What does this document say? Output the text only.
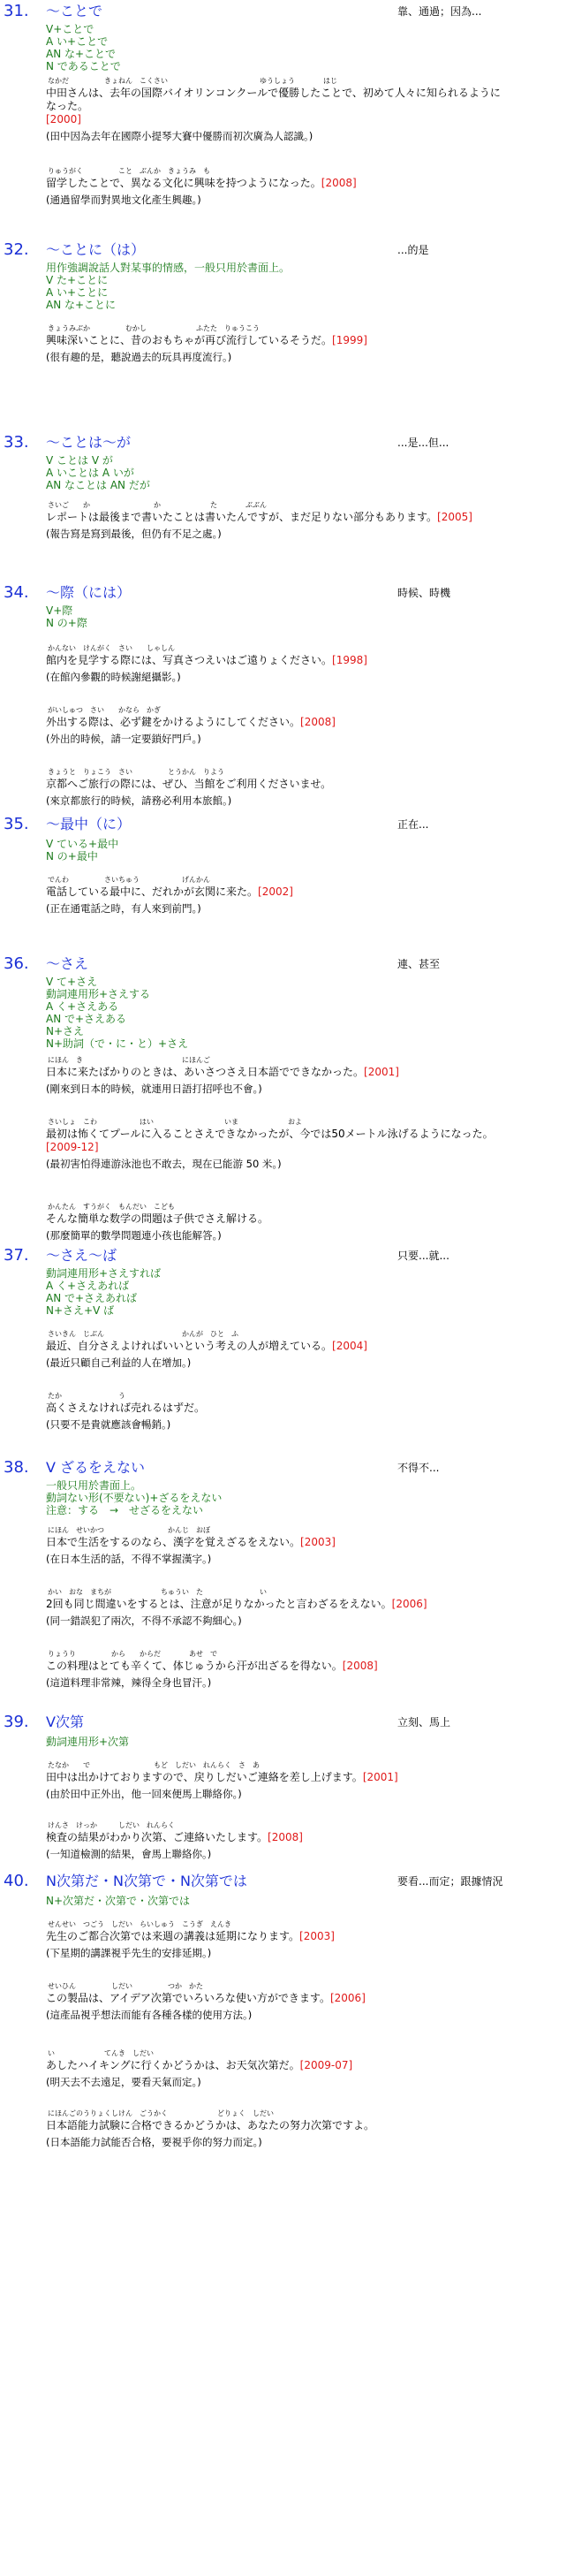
31. ～ことで	靠、通過；因為...
V+ことで
A い+ことで
AN な+ことで
N であることで
なかだ　　　　　きょねん　こくさい　　　　　　　　　　　　　ゆうしょう　　　　はじ
中田さんは、去年の国際バイオリンコンクールで優勝したことで、初めて人々に知られるようになった。
[2000]
(田中因為去年在國際小提琴大賽中優勝而初次廣為人認識。)
りゅうがく　　　　　こと　ぶんか　きょうみ　も
留学したことで、異なる文化に興味を持つようになった。[2008]
(通過留學而對異地文化產生興趣。)
32. ～ことに（は）	...的是
用作強調說話人對某事的情感，一般只用於書面上。
V た+ことに
A い+ことに
AN な+ことに
きょうみぶか　　　　　むかし　　　　　　　ふたた　りゅうこう
興味深いことに、昔のおもちゃが再び流行しているそうだ。[1999]
(很有趣的是，聽說過去的玩具再度流行。)
33. ～ことは～が	...是...但...
V ことは V が
A いことは A いが
AN なことは AN だが
さいご　　か　　　　　　　　　か　　　　　　　た　　　　ぶぶん
レポートは最後まで書いたことは書いたんですが、まだ足りない部分もあります。[2005]
(報告寫是寫到最後，但仍有不足之處。)
34. ～際（には）	時候、時機
V+際
N の+際
かんない　けんがく　さい　　しゃしん
館内を見学する際には、写真さつえいはご遠りょください。[1998]
(在館內參觀的時候謝絕攝影。)
がいしゅつ　さい　　かなら　かぎ
外出する際は、必ず鍵をかけるようにしてください。[2008]
(外出的時候，請一定要鎖好門戶。)
きょうと　りょこう　さい　　　　　とうかん　りよう
京都へご旅行の際には、ぜひ、当館をご利用くださいませ。
(來京都旅行的時候，請務必利用本旅館。)
35. ～最中（に）	正在...
V ている+最中
N の+最中
でんわ　　　　　さいちゅう　　　　　　げんかん
電話している最中に、だれかが玄関に来た。[2002]
(正在通電話之時，有人來到前門。)
36. ～さえ	連、甚至
V て+さえ
動詞連用形+さえする
A く+さえある
AN で+さえある
N+さえ
N+助詞（で・に・と）+さえ
にほん　き　　　　　　　　　　　　　　にほんご
日本に来たばかりのときは、あいさつさえ日本語でできなかった。[2001]
(剛來到日本的時候，就連用日語打招呼也不會。)
さいしょ　こわ　　　　　　はい　　　　　　　　　　いま　　　　　　　およ
最初は怖くてプールに入ることさえできなかったが、今では50メートル泳げるようになった。
[2009-12]
(最初害怕得連游泳池也不敢去，現在已能游 50 米。)
かんたん　すうがく　もんだい　こども
そんな簡単な数学の問題は子供でさえ解ける。
(那麼簡單的數學問題連小孩也能解答。)
37. ～さえ～ば	只要...就...
動詞連用形+さえすれば
A く+さえあれば
AN で+さえあれば
N+さえ+V ば
さいきん　じぶん　　　　　　　　　　　かんが　ひと　ふ
最近、自分さえよければいいという考えの人が増えている。[2004]
(最近只顧自己利益的人在增加。)
たか　　　　　　　　う
高くさえなければ売れるはずだ。
(只要不是貴就應該會暢銷。)
38. V ざるをえない	不得不...
一般只用於書面上。
動詞ない形(不要ない)+ざるをえない
注意：する　→　せざるをえない
にほん　せいかつ　　　　　　　　　かんじ　おぼ
日本で生活をするのなら、漢字を覚えざるをえない。[2003]
(在日本生活的話，不得不掌握漢字。)
かい　おな　まちが　　　　　　　ちゅうい　た　　　　　　　　い
2回も同じ間違いをするとは、注意が足りなかったと言わざるをえない。[2006]
(同一錯誤犯了兩次，不得不承認不夠細心。)
りょうり　　　　　から　　からだ　　　　あせ　で
この料理はとても辛くて、体じゅうから汗が出ざるを得ない。[2008]
(這道料理非常辣，辣得全身也冒汗。)
39. V次第	立刻、馬上
動詞連用形+次第
たなか　　で　　　　　　　　　もど　しだい　れんらく　さ　あ
田中は出かけておりますので、戻りしだいご連絡を差し上げます。[2001]
(由於田中正外出，他一回來便馬上聯絡你。)
けんさ　けっか　　　しだい　れんらく
検査の結果がわかり次第、ご連絡いたします。[2008]
(一知道檢測的結果，會馬上聯絡你。)
40. N次第だ・N次第で・N次第では	要看...而定；跟據情況
N+次第だ・次第で・次第では
せんせい　つごう　しだい　らいしゅう　こうぎ　えんき
先生のご都合次第では来週の講義は延期になります。[2003]
(下星期的講課視乎先生的安排延期。)
せいひん　　　　　しだい　　　　　つか　かた
この製品は、アイデア次第でいろいろな使い方ができます。[2006]
(這產品視乎想法而能有各種各樣的使用方法。)
い　　　　　　　てんき　しだい
あしたハイキングに行くかどうかは、お天気次第だ。[2009-07]
(明天去不去遠足，要看天氣而定。)
にほんごのうりょくしけん　ごうかく　　　　　　　どりょく　しだい
日本語能力試験に合格できるかどうかは、あなたの努力次第ですよ。
(日本語能力試能否合格，要視乎你的努力而定。)
